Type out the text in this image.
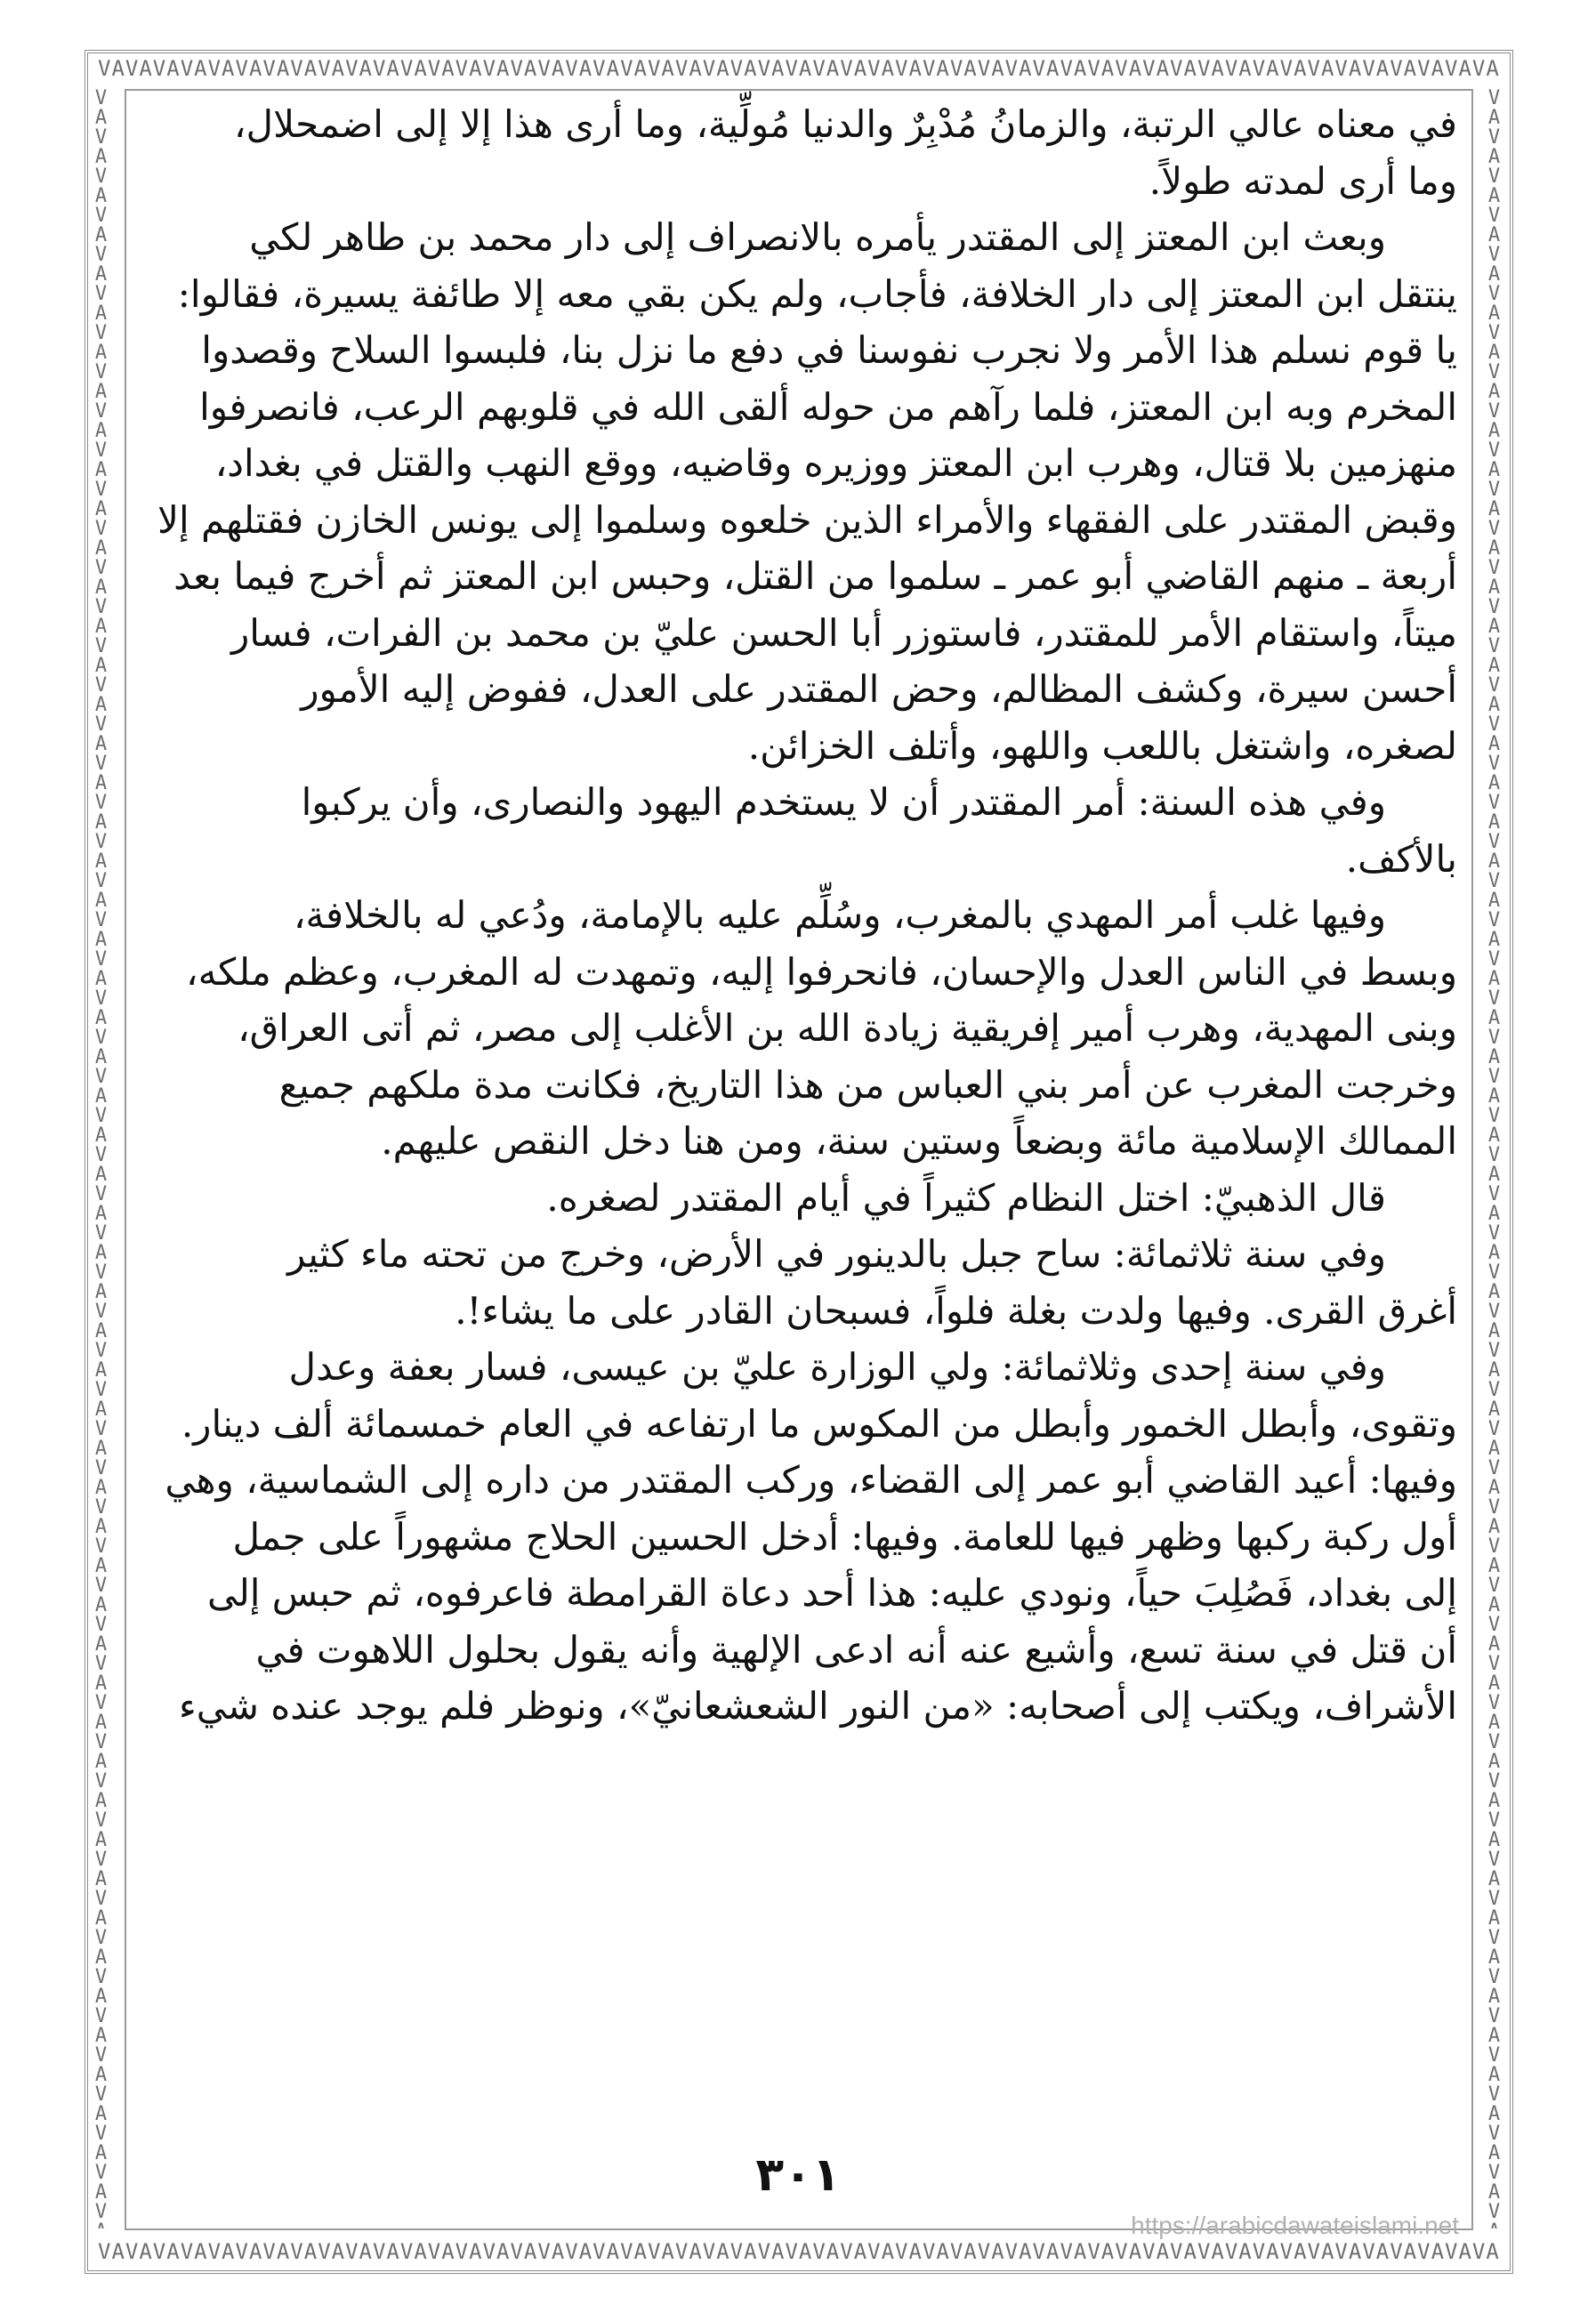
VAVAVAVAVAVAVAVAVAVAVAVAVAVAVAVAVAVAVAVAVAVAVAVAVAVAVAVAVAVAVAVAVAVAVAVAVAVAVAVAVAVAVAVAVAVAVAVAVAVAVAVAVAVAVAVAVAVAVAVAVAVAVAVAVAVAVAVAVAVAVAVAVAVAVAVAVAVAVAVAVAVAVAVAVAVAVAVAVAVAVAVAVAVAVAVAVAVAVAV
VAVAVAVAVAVAVAVAVAVAVAVAVAVAVAVAVAVAVAVAVAVAVAVAVAVAVAVAVAVAVAVAVAVAVAVAVAVAVAVAVAVAVAVAVAVAVAVAVAVAVAVAVAVAVAVAVAVAVAVAVAVAVAVAVAVAVAVAVAVAVAVAVAVAVAVAVAVAVAVAVAVAVAVAVAVAVAVAVAVAVAVAVAVAVAVAVAVAVAV
VAVAVAVAVAVAVAVAVAVAVAVAVAVAVAVAVAVAVAVAVAVAVAVAVAVAVAVAVAVAVAVAVAVAVAVAVAVAVAVAVAVAVAVAVAVAVAVAVAVAVAVAVAVAVAVAVAVAVAVAVAVAVAVAVAVAVAVAVAVAVAVAVAVAVAVAVAVAVAVAVAVAVAVAVAVAVAVAVAVAVAVAVAVAVAVAVAVAVAV
VAVAVAVAVAVAVAVAVAVAVAVAVAVAVAVAVAVAVAVAVAVAVAVAVAVAVAVAVAVAVAVAVAVAVAVAVAVAVAVAVAVAVAVAVAVAVAVAVAVAVAVAVAVAVAVAVAVAVAVAVAVAVAVAVAVAVAVAVAVAVAVAVAVAVAVAVAVAVAVAVAVAVAVAVAVAVAVAVAVAVAVAVAVAVAVAVAVAVAV

في معناه عالي الرتبة، والزمانُ مُدْبِرٌ والدنيا مُولِّية، وما أرى هذا إلا إلى اضمحلال،

وما أرى لمدته طولاً.

وبعث ابن المعتز إلى المقتدر يأمره بالانصراف إلى دار محمد بن طاهر لكي

ينتقل ابن المعتز إلى دار الخلافة، فأجاب، ولم يكن بقي معه إلا طائفة يسيرة، فقالوا:

يا قوم نسلم هذا الأمر ولا نجرب نفوسنا في دفع ما نزل بنا، فلبسوا السلاح وقصدوا

المخرم وبه ابن المعتز، فلما رآهم من حوله ألقى الله في قلوبهم الرعب، فانصرفوا

منهزمين بلا قتال، وهرب ابن المعتز ووزيره وقاضيه، ووقع النهب والقتل في بغداد،

وقبض المقتدر على الفقهاء والأمراء الذين خلعوه وسلموا إلى يونس الخازن فقتلهم إلا

أربعة ـ منهم القاضي أبو عمر ـ سلموا من القتل، وحبس ابن المعتز ثم أخرج فيما بعد

ميتاً، واستقام الأمر للمقتدر، فاستوزر أبا الحسن عليّ بن محمد بن الفرات، فسار

أحسن سيرة، وكشف المظالم، وحض المقتدر على العدل، ففوض إليه الأمور

لصغره، واشتغل باللعب واللهو، وأتلف الخزائن.

وفي هذه السنة: أمر المقتدر أن لا يستخدم اليهود والنصارى، وأن يركبوا

بالأكف.

وفيها غلب أمر المهدي بالمغرب، وسُلِّم عليه بالإمامة، ودُعي له بالخلافة،

وبسط في الناس العدل والإحسان، فانحرفوا إليه، وتمهدت له المغرب، وعظم ملكه،

وبنى المهدية، وهرب أمير إفريقية زيادة الله بن الأغلب إلى مصر، ثم أتى العراق،

وخرجت المغرب عن أمر بني العباس من هذا التاريخ، فكانت مدة ملكهم جميع

الممالك الإسلامية مائة وبضعاً وستين سنة، ومن هنا دخل النقص عليهم.

قال الذهبيّ: اختل النظام كثيراً في أيام المقتدر لصغره.

وفي سنة ثلاثمائة: ساح جبل بالدينور في الأرض، وخرج من تحته ماء كثير

أغرق القرى. وفيها ولدت بغلة فلواً، فسبحان القادر على ما يشاء!.

وفي سنة إحدى وثلاثمائة: ولي الوزارة عليّ بن عيسى، فسار بعفة وعدل

وتقوى، وأبطل الخمور وأبطل من المكوس ما ارتفاعه في العام خمسمائة ألف دينار.

وفيها: أعيد القاضي أبو عمر إلى القضاء، وركب المقتدر من داره إلى الشماسية، وهي

أول ركبة ركبها وظهر فيها للعامة. وفيها: أدخل الحسين الحلاج مشهوراً على جمل

إلى بغداد، فَصُلِبَ حياً، ونودي عليه: هذا أحد دعاة القرامطة فاعرفوه، ثم حبس إلى

أن قتل في سنة تسع، وأشيع عنه أنه ادعى الإلهية وأنه يقول بحلول اللاهوت في

الأشراف، ويكتب إلى أصحابه: «من النور الشعشعانيّ»، ونوظر فلم يوجد عنده شيء

٣٠١
https://arabicdawateislami.net
